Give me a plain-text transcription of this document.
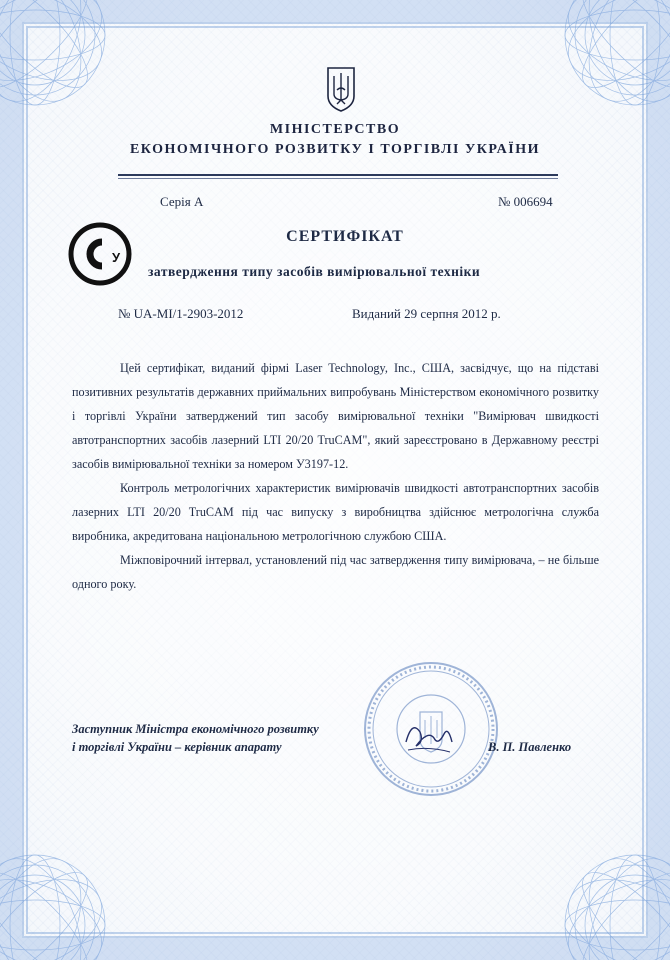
МІНІСТЕРСТВО
ЕКОНОМІЧНОГО РОЗВИТКУ І ТОРГІВЛІ УКРАЇНИ
Серія А	№ 006694
У
СЕРТИФІКАТ
затвердження типу засобів вимірювальної техніки
№ UA-MI/1-2903-2012	Виданий 29 серпня 2012 р.

Цей сертифікат, виданий фірмі Laser Technology, Inc., США, засвідчує, що на підставі позитивних результатів державних приймальних випробувань Міністерством економічного розвитку і торгівлі України затверджений тип засобу вимірювальної техніки "Вимірювач швидкості автотранспортних засобів лазерний LTI 20/20 TruCAM", який зареєстровано в Державному реєстрі засобів вимірювальної техніки за номером У3197-12.

Контроль метрологічних характеристик вимірювачів швидкості автотранспортних засобів лазерних LTI 20/20 TruCAM під час випуску з виробництва здійснює метрологічна служба виробника, акредитована національною метрологічною службою США.

Міжповірочний інтервал, установлений під час затвердження типу вимірювача, – не більше одного року.

Заступник Міністра економічного розвитку
і торгівлі України – керівник апарату	В. П. Павленко
